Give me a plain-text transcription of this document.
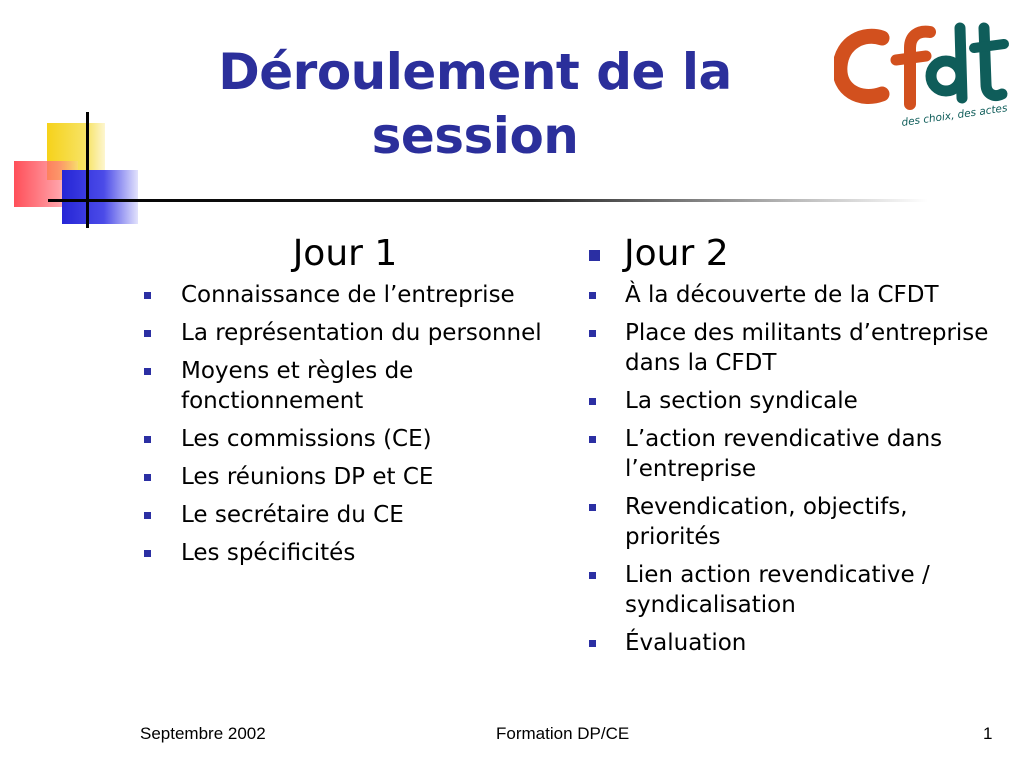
Déroulement de la
session	des choix, des actes
Jour 1
Connaissance de l’entreprise
La représentation du personnel
Moyens et règles de fonctionnement
Les commissions (CE)
Les réunions DP et CE
Le secrétaire du CE
Les spécificités
Jour 2
À la découverte de la CFDT
Place des militants d’entreprise dans la CFDT
La section syndicale
L’action revendicative dans l’entreprise
Revendication, objectifs, priorités
Lien action revendicative / syndicalisation
Évaluation
Septembre 2002	Formation DP/CE	1
